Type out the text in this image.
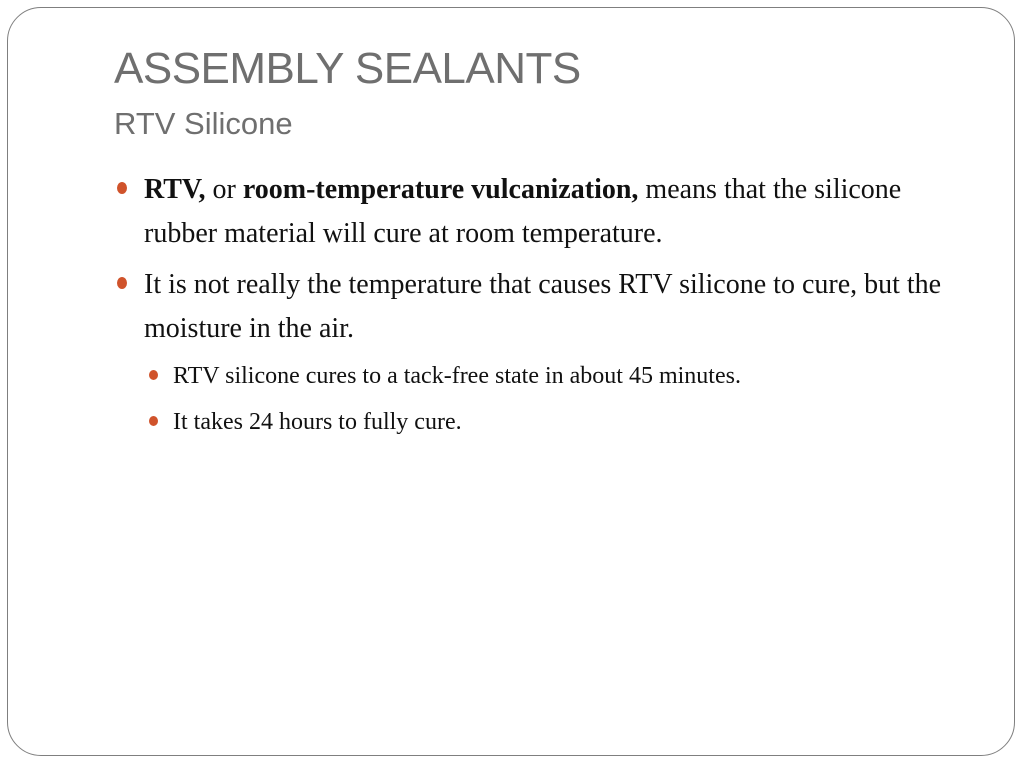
ASSEMBLY SEALANTS
RTV Silicone
RTV, or room-temperature vulcanization, means that the silicone rubber material will cure at room temperature.
It is not really the temperature that causes RTV silicone to cure, but the moisture in the air.
RTV silicone cures to a tack-free state in about 45 minutes.
It takes 24 hours to fully cure.
